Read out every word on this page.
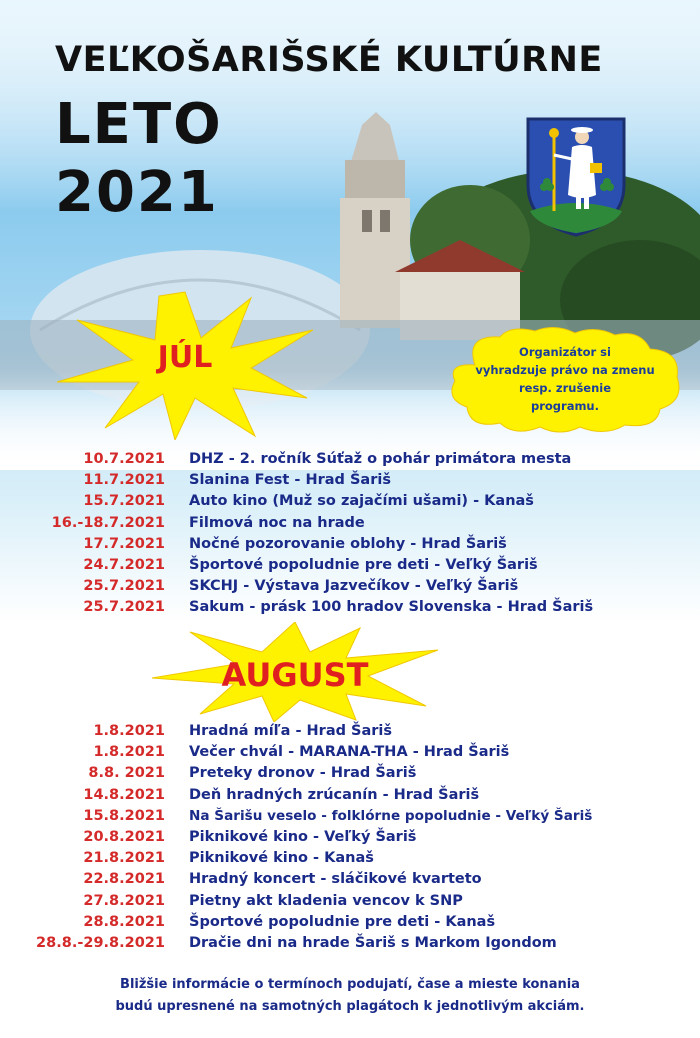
VEĽKOŠARIŠSKÉ KULTÚRNE
LETO
2021
JÚL	Organizátor si
vyhradzuje právo na zmenu
resp. zrušenie
programu.
10.7.2021 DHZ - 2. ročník Súťaž o pohár primátora mesta
11.7.2021 Slanina Fest - Hrad Šariš
15.7.2021 Auto kino (Muž so zajačími ušami) - Kanaš
16.-18.7.2021 Filmová noc na hrade
17.7.2021 Nočné pozorovanie oblohy - Hrad Šariš
24.7.2021 Športové popoludnie pre deti - Veľký Šariš
25.7.2021 SKCHJ - Výstava Jazvečíkov - Veľký Šariš
25.7.2021 Sakum - prásk 100 hradov Slovenska - Hrad Šariš
AUGUST
1.8.2021 Hradná míľa - Hrad Šariš
1.8.2021 Večer chvál - MARANA-THA - Hrad Šariš
8.8. 2021 Preteky dronov - Hrad Šariš
14.8.2021 Deň hradných zrúcanín - Hrad Šariš
15.8.2021 Na Šarišu veselo - folklórne popoludnie - Veľký Šariš
20.8.2021 Piknikové kino - Veľký Šariš
21.8.2021 Piknikové kino - Kanaš
22.8.2021 Hradný koncert - sláčikové kvarteto
27.8.2021 Pietny akt kladenia vencov k SNP
28.8.2021 Športové popoludnie pre deti - Kanaš
28.8.-29.8.2021 Dračie dni na hrade Šariš s Markom Igondom

Bližšie informácie o termínoch podujatí, čase a mieste konania

budú upresnené na samotných plagátoch k jednotlivým akciám.
